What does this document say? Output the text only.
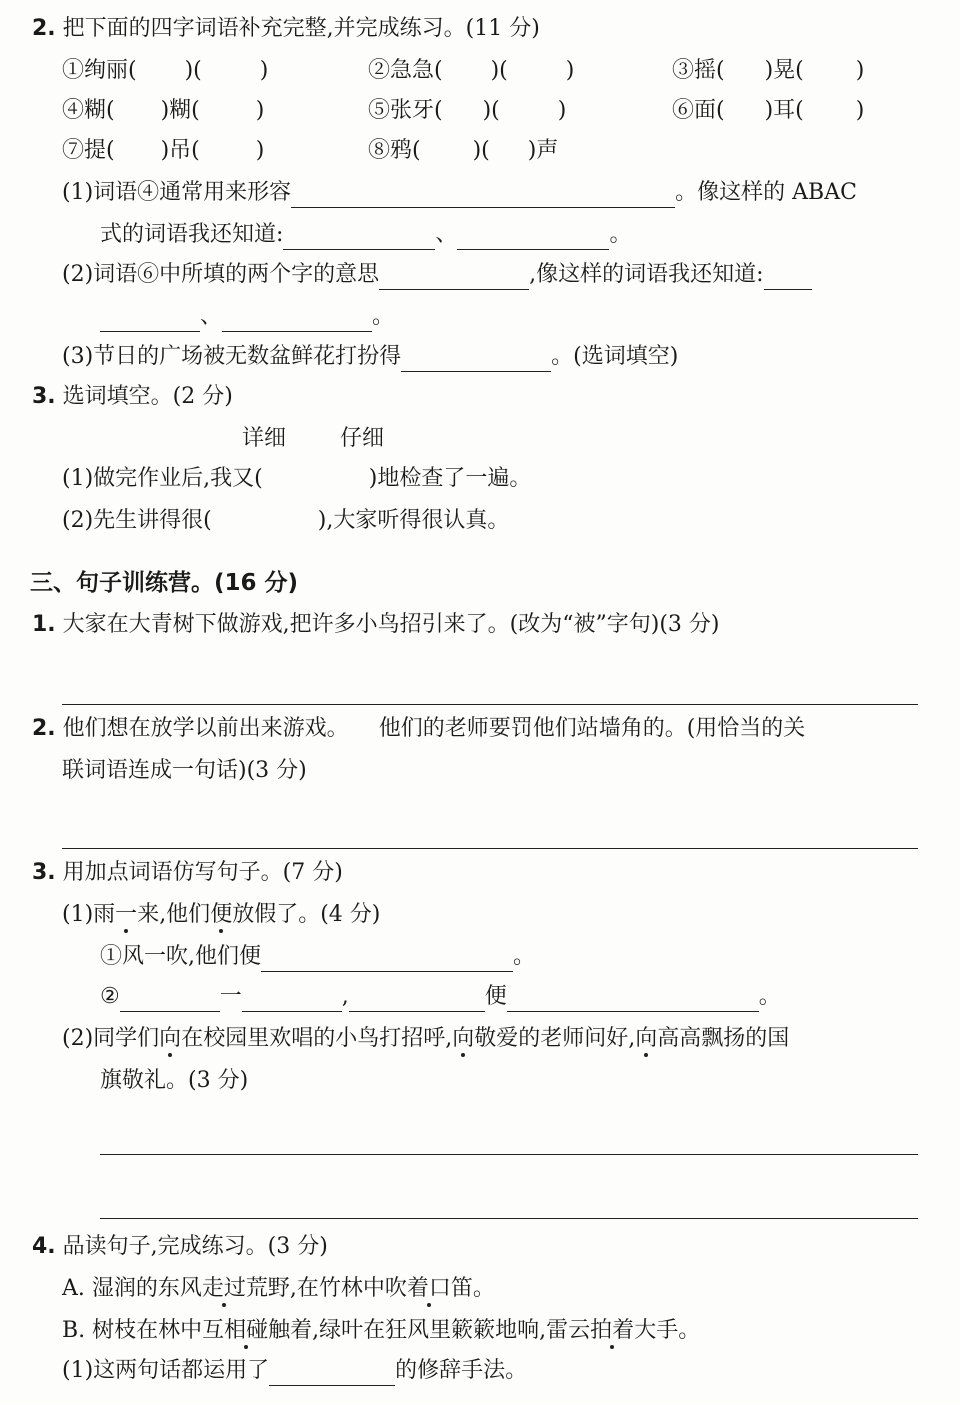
2. 把下面的四字词语补充完整,并完成练习。(11 分)
①绚丽( )(	)	②急急( )(	)	③摇( )晃( )
④糊( )糊(	)	⑤张牙( )(	)	⑥面( )耳( )
⑦提( )吊(	)	⑧鸦( )( )声
(1)词语④通常用来形容	。像这样的 ABAC
式的词语我还知道:	、	。
(2)词语⑥中所填的两个字的意思	,像这样的词语我还知道:
、	。
(3)节日的广场被无数盆鲜花打扮得	。(选词填空)
3. 选词填空。(2 分)
详细 仔细
(1)做完作业后,我又(	)地检查了一遍。
(2)先生讲得很(	),大家听得很认真。
三、句子训练营。(16 分)
1. 大家在大青树下做游戏,把许多小鸟招引来了。(改为“被”字句)(3 分)
2. 他们想在放学以前出来游戏。 他们的老师要罚他们站墙角的。(用恰当的关
联词语连成一句话)(3 分)
3. 用加点词语仿写句子。(7 分)
(1)雨一来,他们便放假了。(4 分)
①风一吹,他们便	。
②	一	,	便	。
(2)同学们向在校园里欢唱的小鸟打招呼,向敬爱的老师问好,向高高飘扬的国
旗敬礼。(3 分)
4. 品读句子,完成练习。(3 分)
A. 湿润的东风走过荒野,在竹林中吹着口笛。
B. 树枝在林中互相碰触着,绿叶在狂风里簌簌地响,雷云拍着大手。
(1)这两句话都运用了	的修辞手法。
